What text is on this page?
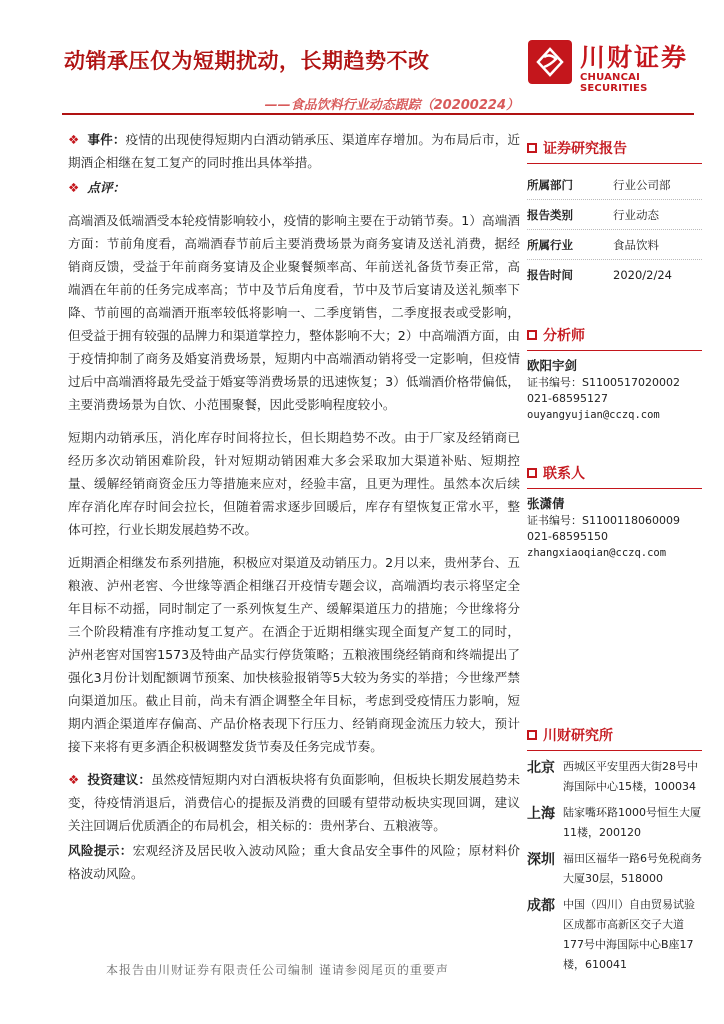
动销承压仅为短期扰动，长期趋势不改
——食品饮料行业动态跟踪（20200224）
川财证券
CHUANCAI SECURITIES

❖ 事件：疫情的出现使得短期内白酒动销承压、渠道库存增加。为布局后市，近期酒企相继在复工复产的同时推出具体举措。

❖ 点评：

高端酒及低端酒受本轮疫情影响较小，疫情的影响主要在于动销节奏。1）高端酒方面：节前角度看，高端酒春节前后主要消费场景为商务宴请及送礼消费，据经销商反馈，受益于年前商务宴请及企业聚餐频率高、年前送礼备货节奏正常，高端酒在年前的任务完成率高；节中及节后角度看，节中及节后宴请及送礼频率下降、节前囤的高端酒开瓶率较低将影响一、二季度销售，二季度报表或受影响，但受益于拥有较强的品牌力和渠道掌控力，整体影响不大；2）中高端酒方面，由于疫情抑制了商务及婚宴消费场景，短期内中高端酒动销将受一定影响，但疫情过后中高端酒将最先受益于婚宴等消费场景的迅速恢复；3）低端酒价格带偏低，主要消费场景为自饮、小范围聚餐，因此受影响程度较小。

短期内动销承压，消化库存时间将拉长，但长期趋势不改。由于厂家及经销商已经历多次动销困难阶段，针对短期动销困难大多会采取加大渠道补贴、短期控量、缓解经销商资金压力等措施来应对，经验丰富，且更为理性。虽然本次后续库存消化库存时间会拉长，但随着需求逐步回暖后，库存有望恢复正常水平，整体可控，行业长期发展趋势不改。

近期酒企相继发布系列措施，积极应对渠道及动销压力。2月以来，贵州茅台、五粮液、泸州老窖、今世缘等酒企相继召开疫情专题会议，高端酒均表示将坚定全年目标不动摇，同时制定了一系列恢复生产、缓解渠道压力的措施；今世缘将分三个阶段精准有序推动复工复产。在酒企于近期相继实现全面复产复工的同时，泸州老窖对国窖1573及特曲产品实行停货策略；五粮液围绕经销商和终端提出了强化3月份计划配额调节预案、加快核验报销等5大较为务实的举措；今世缘严禁向渠道加压。截止目前，尚未有酒企调整全年目标，考虑到受疫情压力影响，短期内酒企渠道库存偏高、产品价格表现下行压力、经销商现金流压力较大，预计接下来将有更多酒企积极调整发货节奏及任务完成节奏。

❖ 投资建议：虽然疫情短期内对白酒板块将有负面影响，但板块长期发展趋势未变，待疫情消退后，消费信心的提振及消费的回暖有望带动板块实现回调，建议关注回调后优质酒企的布局机会，相关标的：贵州茅台、五粮液等。

风险提示：宏观经济及居民收入波动风险；重大食品安全事件的风险；原材料价格波动风险。

证券研究报告
所属部门	行业公司部
报告类别	行业动态
所属行业	食品饮料
报告时间	2020/2/24
分析师
欧阳宇剑
证书编号：S1100517020002
021-68595127
ouyangyujian@cczq.com
联系人
张潇倩
证书编号：S1100118060009
021-68595150
zhangxiaoqian@cczq.com
川财研究所
北京 西城区平安里西大街28号中海国际中心15楼，100034
上海 陆家嘴环路1000号恒生大厦11楼，200120
深圳 福田区福华一路6号免税商务大厦30层，518000
成都 中国（四川）自由贸易试验区成都市高新区交子大道177号中海国际中心B座17楼，610041
本报告由川财证券有限责任公司编制 谨请参阅尾页的重要声
